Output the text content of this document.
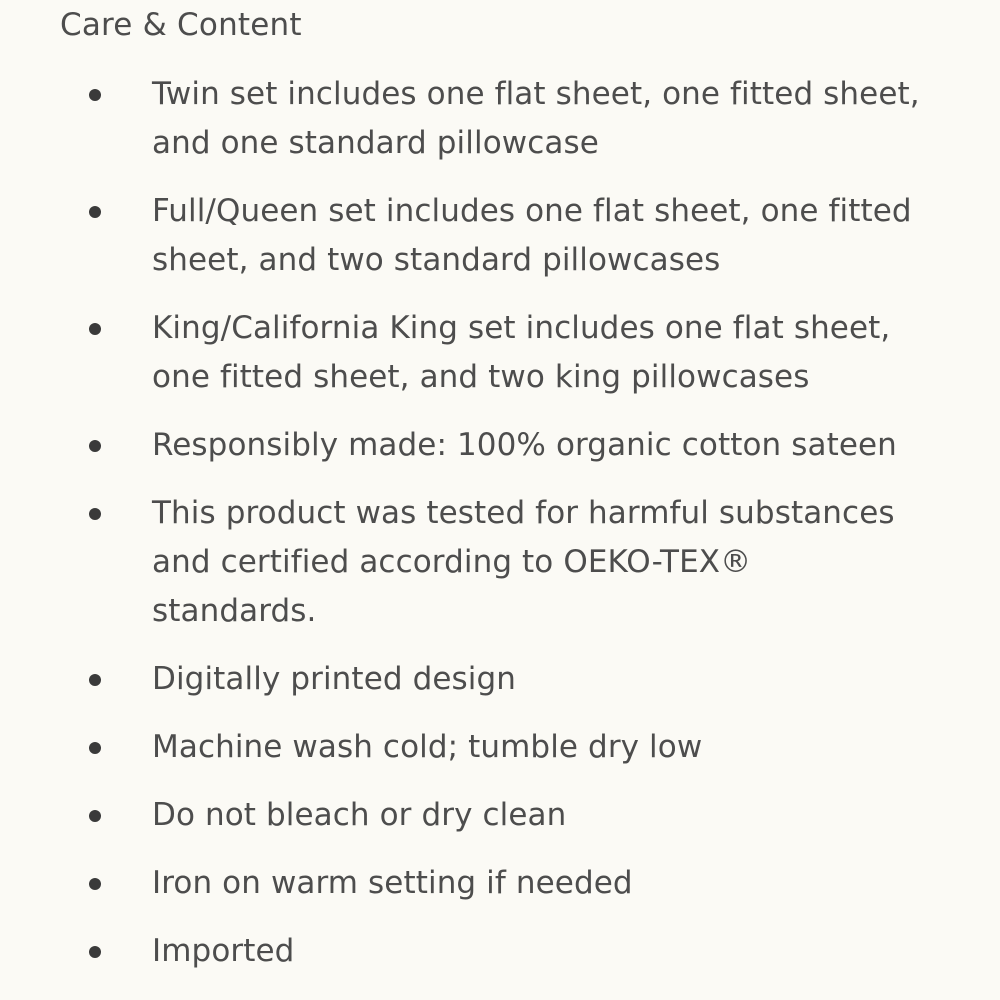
Care & Content
Twin set includes one flat sheet, one fitted sheet,
and one standard pillowcase
Full/Queen set includes one flat sheet, one fitted
sheet, and two standard pillowcases
King/California King set includes one flat sheet,
one fitted sheet, and two king pillowcases
Responsibly made: 100% organic cotton sateen
This product was tested for harmful substances
and certified according to OEKO-TEX®
standards.
Digitally printed design
Machine wash cold; tumble dry low
Do not bleach or dry clean
Iron on warm setting if needed
Imported
